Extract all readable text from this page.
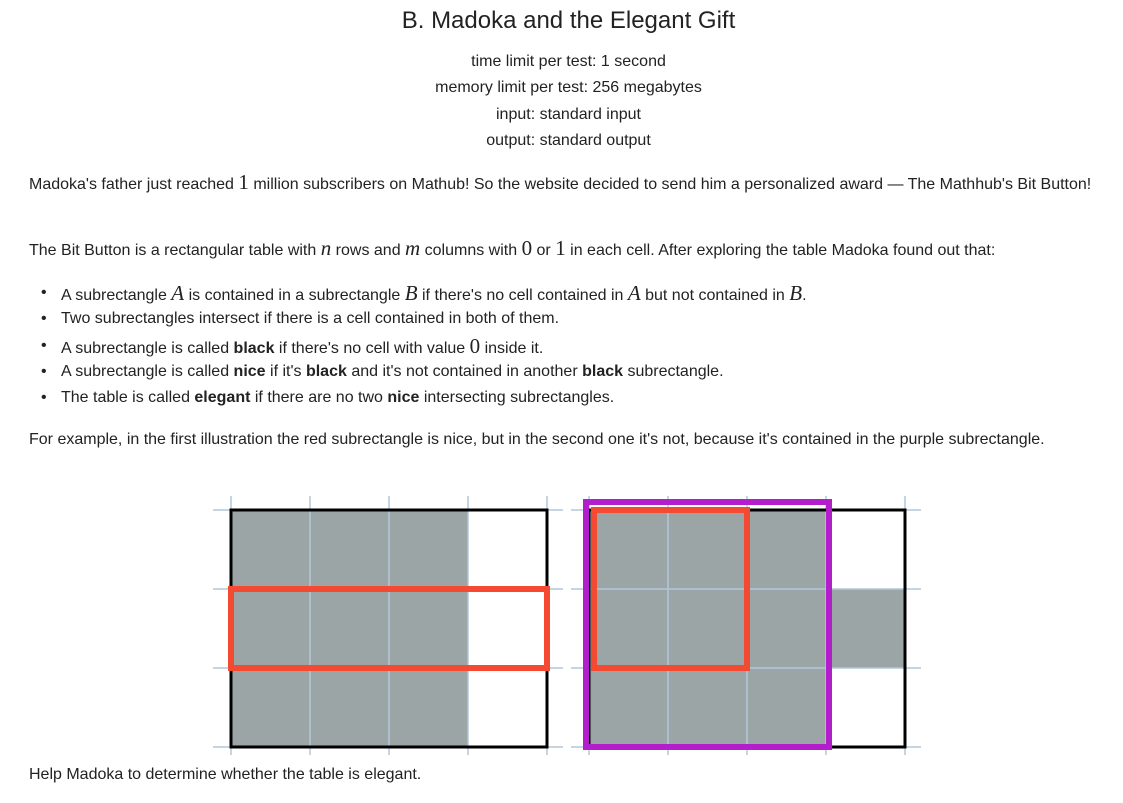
B. Madoka and the Elegant Gift
time limit per test: 1 second
memory limit per test: 256 megabytes
input: standard input
output: standard output
Madoka's father just reached 1 million subscribers on Mathub! So the website decided to send him a personalized award — The Mathhub's Bit Button!
The Bit Button is a rectangular table with n rows and m columns with 0 or 1 in each cell. After exploring the table Madoka found out that:
• A subrectangle A is contained in a subrectangle B if there's no cell contained in A but not contained in B.
• Two subrectangles intersect if there is a cell contained in both of them.
• A subrectangle is called black if there's no cell with value 0 inside it.
• A subrectangle is called nice if it's black and it's not contained in another black subrectangle.
• The table is called elegant if there are no two nice intersecting subrectangles.
For example, in the first illustration the red subrectangle is nice, but in the second one it's not, because it's contained in the purple subrectangle.
Help Madoka to determine whether the table is elegant.
